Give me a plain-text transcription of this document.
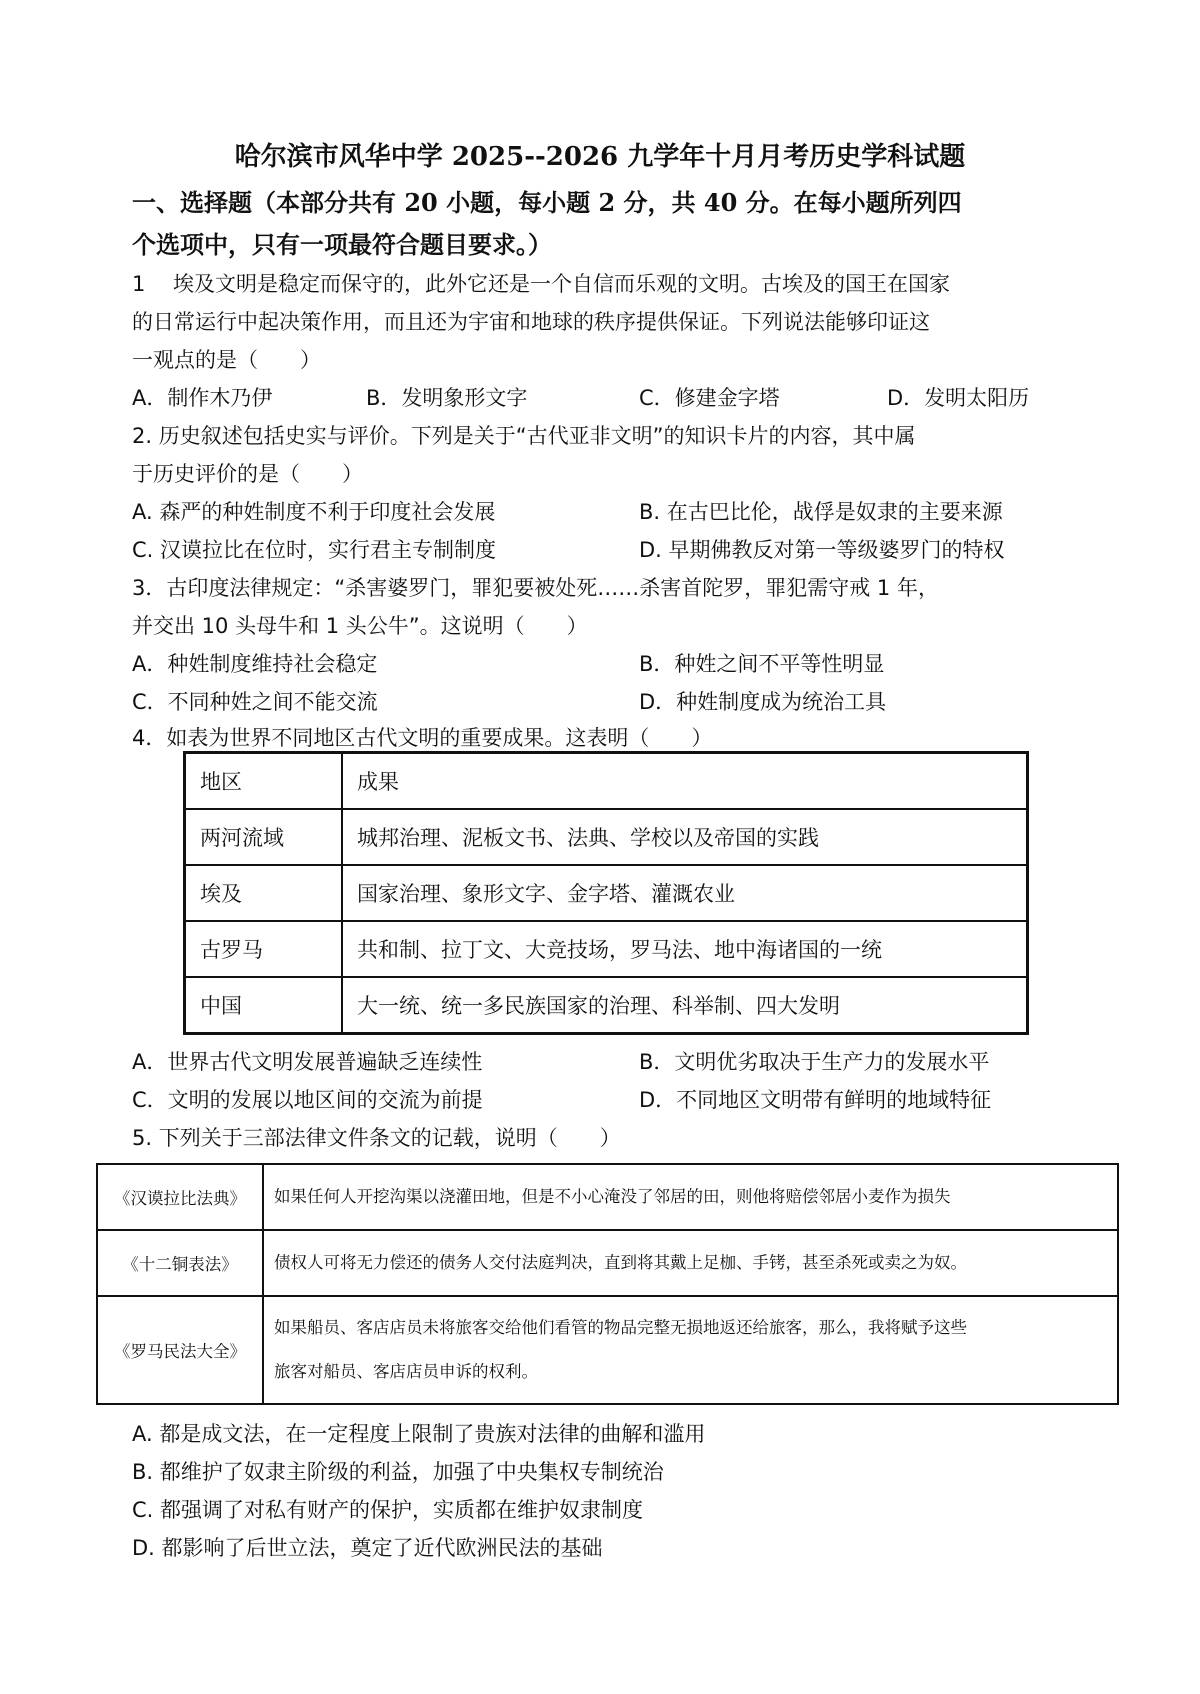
哈尔滨市风华中学 2025--2026 九学年十月月考历史学科试题
一、选择题（本部分共有 20 小题，每小题 2 分，共 40 分。在每小题所列四
个选项中，只有一项最符合题目要求。）
1　 埃及文明是稳定而保守的，此外它还是一个自信而乐观的文明。古埃及的国王在国家
的日常运行中起决策作用，而且还为宇宙和地球的秩序提供保证。下列说法能够印证这
一观点的是（　　）
A．制作木乃伊	B．发明象形文字	C．修建金字塔	D．发明太阳历
2. 历史叙述包括史实与评价。下列是关于“古代亚非文明”的知识卡片的内容，其中属
于历史评价的是（　　）
A. 森严的种姓制度不利于印度社会发展	B. 在古巴比伦，战俘是奴隶的主要来源
C. 汉谟拉比在位时，实行君主专制制度	D. 早期佛教反对第一等级婆罗门的特权
3．古印度法律规定：“杀害婆罗门，罪犯要被处死……杀害首陀罗，罪犯需守戒 1 年，
并交出 10 头母牛和 1 头公牛”。这说明（　　）
A．种姓制度维持社会稳定	B．种姓之间不平等性明显
C．不同种姓之间不能交流	D．种姓制度成为统治工具
4．如表为世界不同地区古代文明的重要成果。这表明（　　）
地区	成果
两河流域	城邦治理、泥板文书、法典、学校以及帝国的实践
埃及	国家治理、象形文字、金字塔、灌溉农业
古罗马	共和制、拉丁文、大竞技场，罗马法、地中海诸国的一统
中国	大一统、统一多民族国家的治理、科举制、四大发明
A．世界古代文明发展普遍缺乏连续性	B．文明优劣取决于生产力的发展水平
C．文明的发展以地区间的交流为前提	D．不同地区文明带有鲜明的地域特征
5. 下列关于三部法律文件条文的记载，说明（　　）
《汉谟拉比法典》	如果任何人开挖沟渠以浇灌田地，但是不小心淹没了邻居的田，则他将赔偿邻居小麦作为损失

《十二铜表法》	债权人可将无力偿还的债务人交付法庭判决，直到将其戴上足枷、手铐，甚至杀死或卖之为奴。

《罗马民法大全》	如果船员、客店店员未将旅客交给他们看管的物品完整无损地返还给旅客，那么，我将赋予这些
旅客对船员、客店店员申诉的权利。
A. 都是成文法，在一定程度上限制了贵族对法律的曲解和滥用
B. 都维护了奴隶主阶级的利益，加强了中央集权专制统治
C. 都强调了对私有财产的保护，实质都在维护奴隶制度
D. 都影响了后世立法，奠定了近代欧洲民法的基础
